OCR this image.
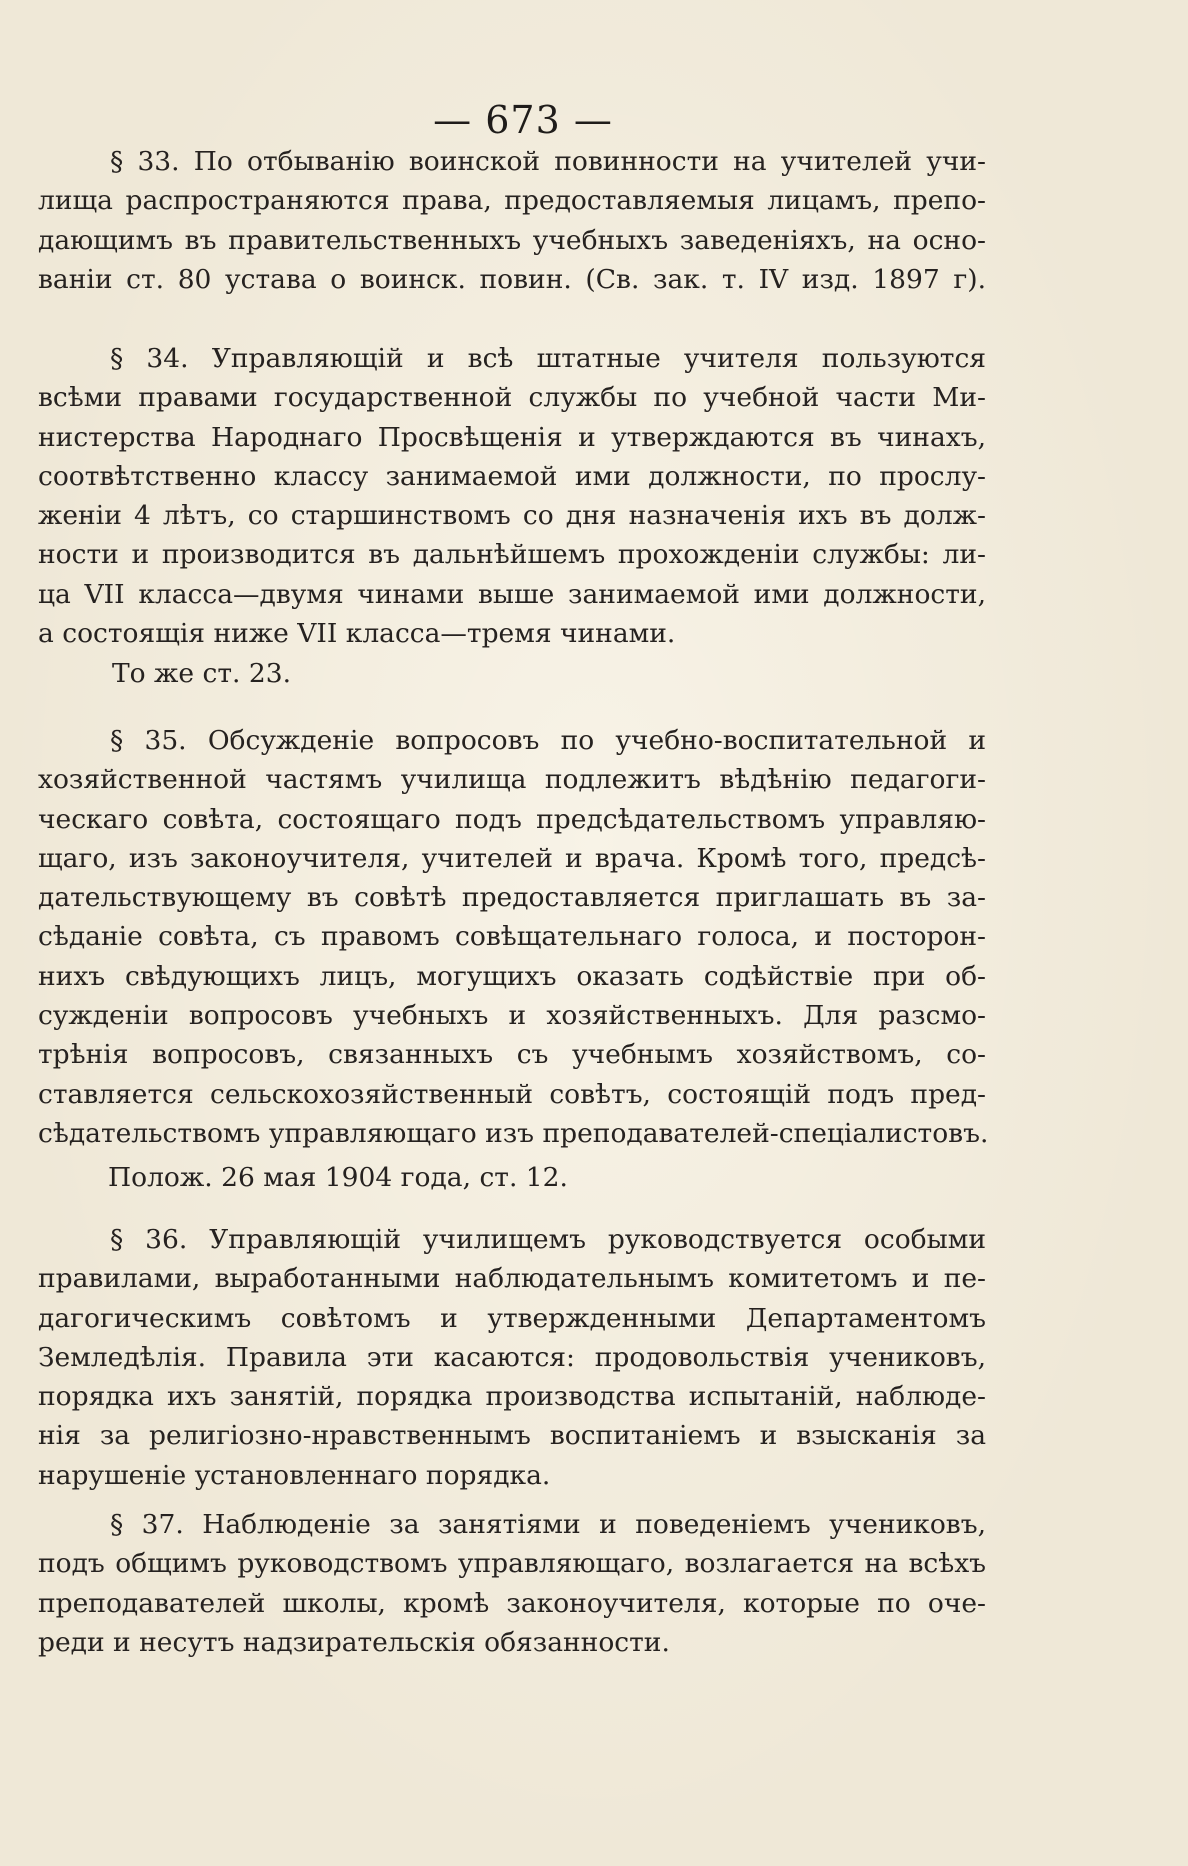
— 673 —
§ 33. По отбыванію воинской повинности на учителей учи-
лища распространяются права, предоставляемыя лицамъ, препо-
дающимъ въ правительственныхъ учебныхъ заведеніяхъ, на осно-
ваніи ст. 80 устава о воинск. повин. (Св. зак. т. IV изд. 1897 г).
§ 34. Управляющій и всѣ штатные учителя пользуются
всѣми правами государственной службы по учебной части Ми-
нистерства Народнаго Просвѣщенія и утверждаются въ чинахъ,
соотвѣтственно классу занимаемой ими должности, по прослу-
женіи 4 лѣтъ, со старшинствомъ со дня назначенія ихъ въ долж-
ности и производится въ дальнѣйшемъ прохожденіи службы: ли-
ца VII класса—двумя чинами выше занимаемой ими должности,
а состоящія ниже VII класса—тремя чинами.
То же ст. 23.
§ 35. Обсужденіе вопросовъ по учебно-воспитательной и
хозяйственной частямъ училища подлежитъ вѣдѣнію педагоги-
ческаго совѣта, состоящаго подъ предсѣдательствомъ управляю-
щаго, изъ законоучителя, учителей и врача. Кромѣ того, предсѣ-
дательствующему въ совѣтѣ предоставляется приглашать въ за-
сѣданіе совѣта, съ правомъ совѣщательнаго голоса, и посторон-
нихъ свѣдующихъ лицъ, могущихъ оказать содѣйствіе при об-
сужденіи вопросовъ учебныхъ и хозяйственныхъ. Для разсмо-
трѣнія вопросовъ, связанныхъ съ учебнымъ хозяйствомъ, со-
ставляется сельскохозяйственный совѣтъ, состоящій подъ пред-
сѣдательствомъ управляющаго изъ преподавателей-спеціалистовъ.
Полож. 26 мая 1904 года, ст. 12.
§ 36. Управляющій училищемъ руководствуется особыми
правилами, выработанными наблюдательнымъ комитетомъ и пе-
дагогическимъ совѣтомъ и утвержденными Департаментомъ
Земледѣлія. Правила эти касаются: продовольствія учениковъ,
порядка ихъ занятій, порядка производства испытаній, наблюде-
нія за религіозно-нравственнымъ воспитаніемъ и взысканія за
нарушеніе установленнаго порядка.
§ 37. Наблюденіе за занятіями и поведеніемъ учениковъ,
подъ общимъ руководствомъ управляющаго, возлагается на всѣхъ
преподавателей школы, кромѣ законоучителя, которые по оче-
реди и несутъ надзирательскія обязанности.
